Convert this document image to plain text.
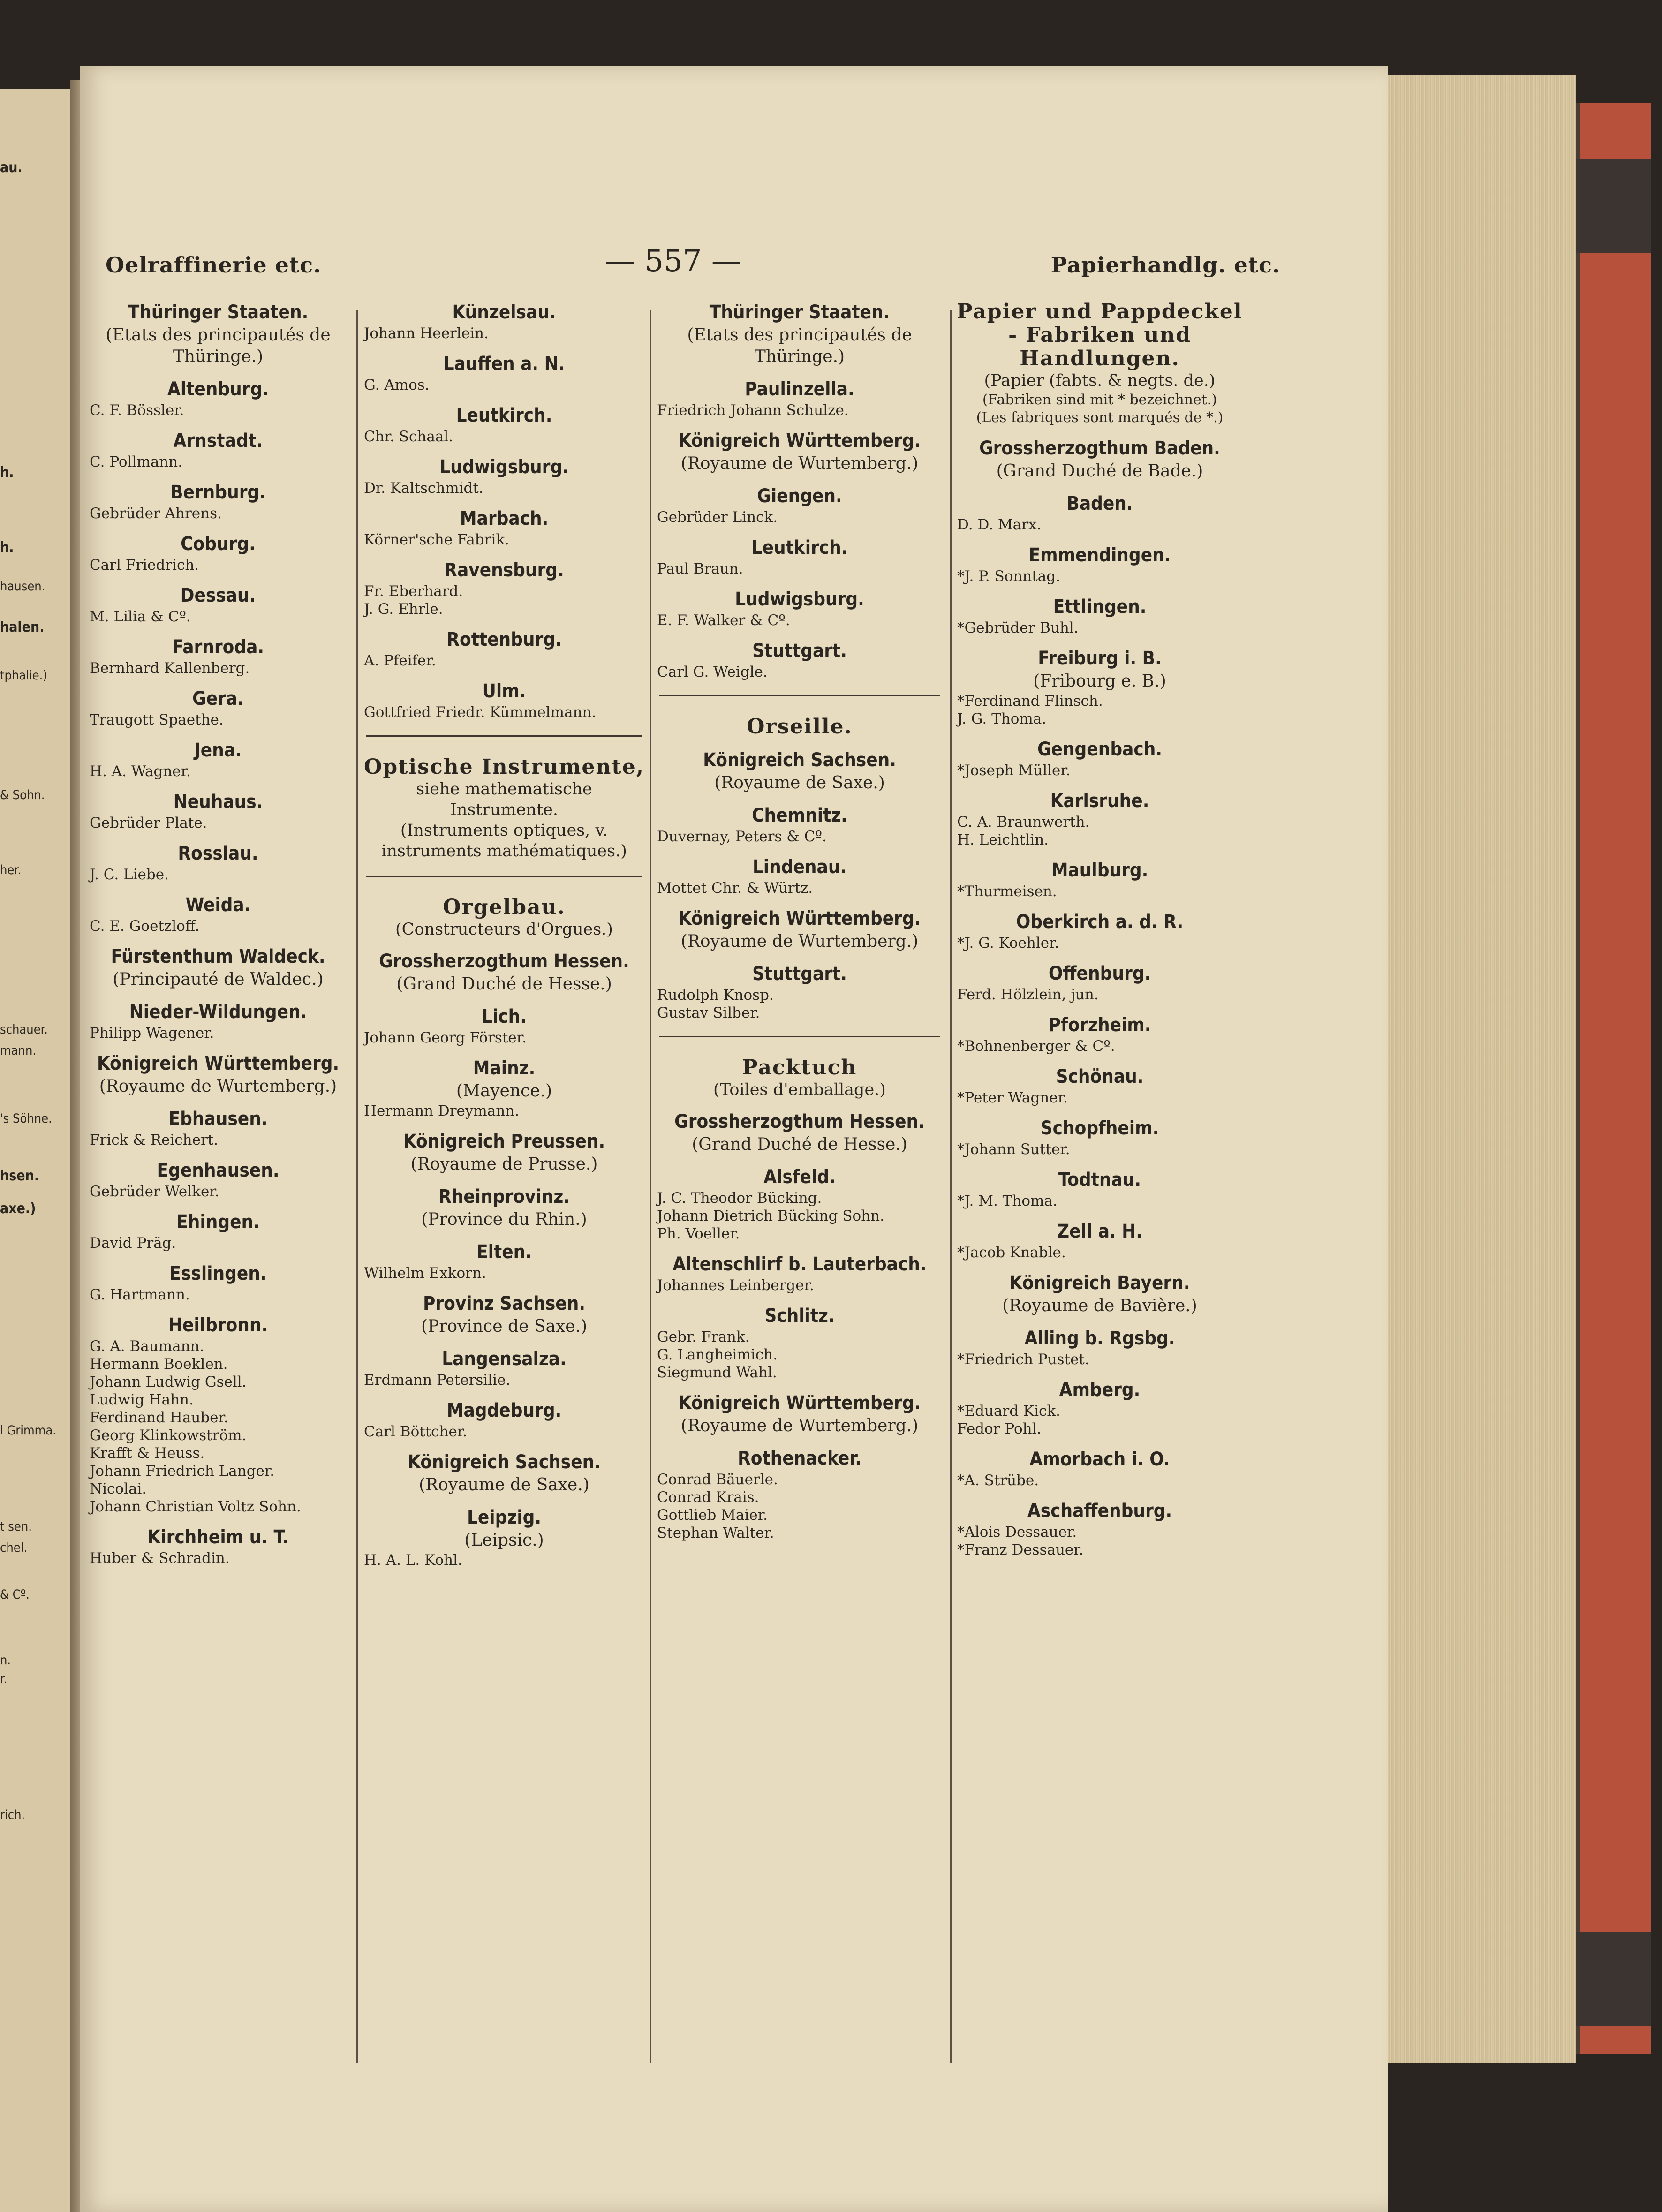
au.
h.
h.
hausen.
halen.
tphalie.)
& Sohn.
her.
schauer.
mann.
's Söhne.
hsen.
axe.)
l Grimma.
t sen.
chel.
& Cº.
n.
r.
rich.
Oelraffinerie etc.	— 557 —	Papierhandlg. etc.
Thüringer Staaten.
(Etats des principautés de Thüringe.)
Altenburg.
C. F. Bössler.
Arnstadt.
C. Pollmann.
Bernburg.
Gebrüder Ahrens.
Coburg.
Carl Friedrich.
Dessau.
M. Lilia & Cº.
Farnroda.
Bernhard Kallenberg.
Gera.
Traugott Spaethe.
Jena.
H. A. Wagner.
Neuhaus.
Gebrüder Plate.
Rosslau.
J. C. Liebe.
Weida.
C. E. Goetzloff.
Fürstenthum Waldeck.
(Principauté de Waldec.)
Nieder-Wildungen.
Philipp Wagener.
Königreich Württemberg.
(Royaume de Wurtemberg.)
Ebhausen.
Frick & Reichert.
Egenhausen.
Gebrüder Welker.
Ehingen.
David Präg.
Esslingen.
G. Hartmann.
Heilbronn.
G. A. Baumann.
Hermann Boeklen.
Johann Ludwig Gsell.
Ludwig Hahn.
Ferdinand Hauber.
Georg Klinkowström.
Krafft & Heuss.
Johann Friedrich Langer.
Nicolai.
Johann Christian Voltz Sohn.
Kirchheim u. T.
Huber & Schradin.
Künzelsau.
Johann Heerlein.
Lauffen a. N.
G. Amos.
Leutkirch.
Chr. Schaal.
Ludwigsburg.
Dr. Kaltschmidt.
Marbach.
Körner'sche Fabrik.
Ravensburg.
Fr. Eberhard.
J. G. Ehrle.
Rottenburg.
A. Pfeifer.
Ulm.
Gottfried Friedr. Kümmelmann.
Optische Instrumente,
siehe mathematische Instrumente.
(Instruments optiques, v. instruments mathématiques.)
Orgelbau.
(Constructeurs d'Orgues.)
Grossherzogthum Hessen.
(Grand Duché de Hesse.)
Lich.
Johann Georg Förster.
Mainz.
(Mayence.)
Hermann Dreymann.
Königreich Preussen.
(Royaume de Prusse.)
Rheinprovinz.
(Province du Rhin.)
Elten.
Wilhelm Exkorn.
Provinz Sachsen.
(Province de Saxe.)
Langensalza.
Erdmann Petersilie.
Magdeburg.
Carl Böttcher.
Königreich Sachsen.
(Royaume de Saxe.)
Leipzig.
(Leipsic.)
H. A. L. Kohl.
Thüringer Staaten.
(Etats des principautés de Thüringe.)
Paulinzella.
Friedrich Johann Schulze.
Königreich Württemberg.
(Royaume de Wurtemberg.)
Giengen.
Gebrüder Linck.
Leutkirch.
Paul Braun.
Ludwigsburg.
E. F. Walker & Cº.
Stuttgart.
Carl G. Weigle.
Orseille.
Königreich Sachsen.
(Royaume de Saxe.)
Chemnitz.
Duvernay, Peters & Cº.
Lindenau.
Mottet Chr. & Würtz.
Königreich Württemberg.
(Royaume de Wurtemberg.)
Stuttgart.
Rudolph Knosp.
Gustav Silber.
Packtuch
(Toiles d'emballage.)
Grossherzogthum Hessen.
(Grand Duché de Hesse.)
Alsfeld.
J. C. Theodor Bücking.
Johann Dietrich Bücking Sohn.
Ph. Voeller.
Altenschlirf b. Lauterbach.
Johannes Leinberger.
Schlitz.
Gebr. Frank.
G. Langheimich.
Siegmund Wahl.
Königreich Württemberg.
(Royaume de Wurtemberg.)
Rothenacker.
Conrad Bäuerle.
Conrad Krais.
Gottlieb Maier.
Stephan Walter.
Papier und Pappdeckel - Fabriken und Handlungen.
(Papier (fabts. & negts. de.)
(Fabriken sind mit * bezeichnet.)
(Les fabriques sont marqués de *.)
Grossherzogthum Baden.
(Grand Duché de Bade.)
Baden.
D. D. Marx.
Emmendingen.
*J. P. Sonntag.
Ettlingen.
*Gebrüder Buhl.
Freiburg i. B.
(Fribourg e. B.)
*Ferdinand Flinsch.
J. G. Thoma.
Gengenbach.
*Joseph Müller.
Karlsruhe.
C. A. Braunwerth.
H. Leichtlin.
Maulburg.
*Thurmeisen.
Oberkirch a. d. R.
*J. G. Koehler.
Offenburg.
Ferd. Hölzlein, jun.
Pforzheim.
*Bohnenberger & Cº.
Schönau.
*Peter Wagner.
Schopfheim.
*Johann Sutter.
Todtnau.
*J. M. Thoma.
Zell a. H.
*Jacob Knable.
Königreich Bayern.
(Royaume de Bavière.)
Alling b. Rgsbg.
*Friedrich Pustet.
Amberg.
*Eduard Kick.
Fedor Pohl.
Amorbach i. O.
*A. Strübe.
Aschaffenburg.
*Alois Dessauer.
*Franz Dessauer.
